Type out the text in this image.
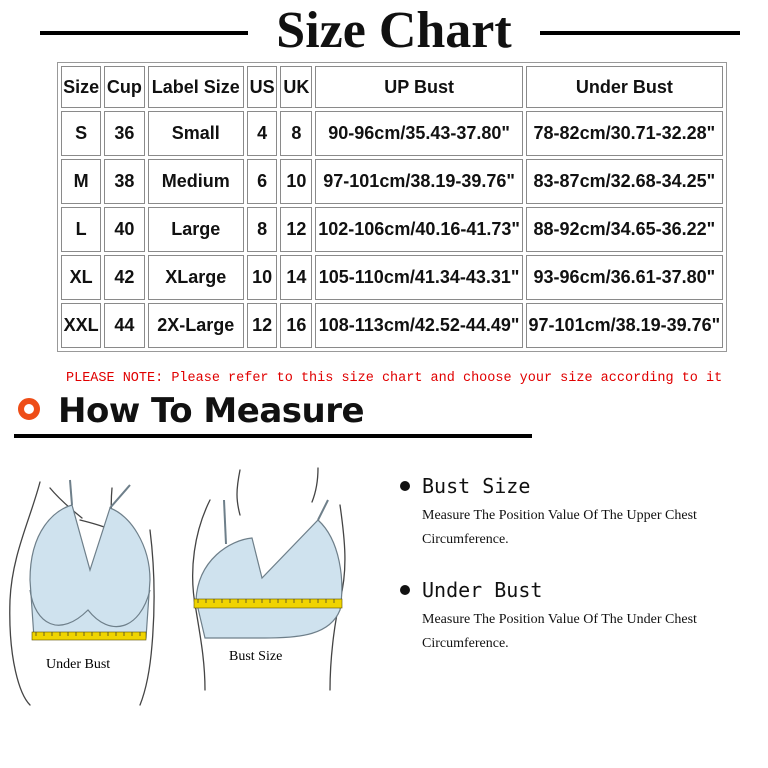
Size Chart
Size	Cup	Label Size	US	UK	UP Bust	Under Bust
S	36	Small	4	8	90-96cm/35.43-37.80"	78-82cm/30.71-32.28"
M	38	Medium	6	10	97-101cm/38.19-39.76"	83-87cm/32.68-34.25"
L	40	Large	8	12	102-106cm/40.16-41.73"	88-92cm/34.65-36.22"
XL	42	XLarge	10	14	105-110cm/41.34-43.31"	93-96cm/36.61-37.80"
XXL	44	2X-Large	12	16	108-113cm/42.52-44.49"	97-101cm/38.19-39.76"
PLEASE NOTE: Please refer to this size chart and choose your size according to it
How To Measure
Under Bust
Bust Size
Bust Size
Measure The Position Value Of The Upper Chest Circumference.
Under Bust
Measure The Position Value Of The Under Chest Circumference.
